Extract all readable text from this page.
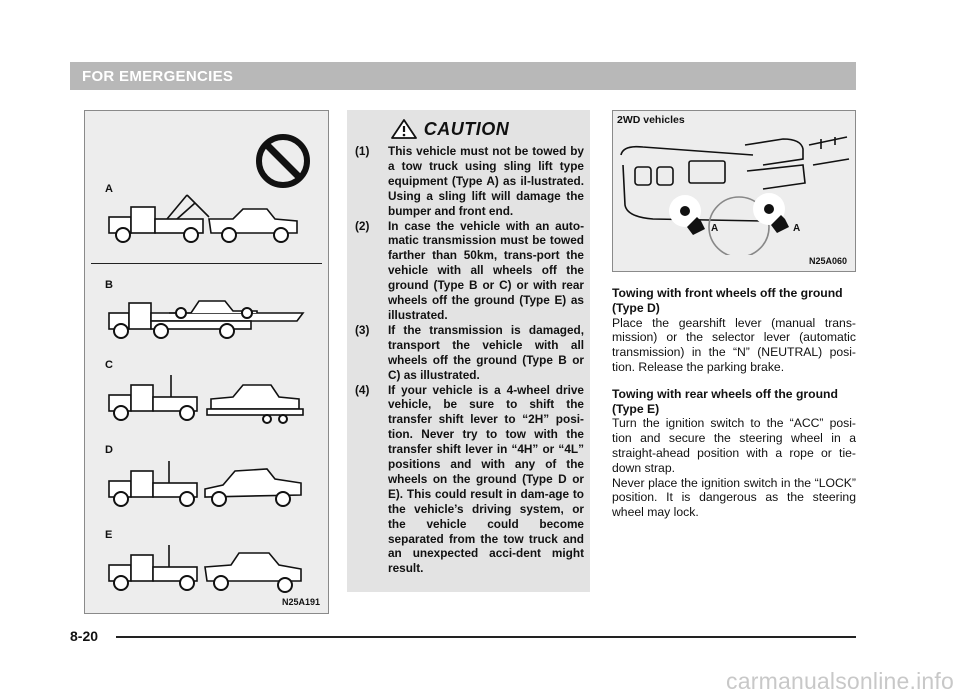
FOR EMERGENCIES
A
B
C
D
E
N25A191
CAUTION
(1) This vehicle must not be towed by a tow truck using sling lift type equipment (Type A) as il-lustrated. Using a sling lift will damage the bumper and front end.
(2) In case the vehicle with an auto-matic transmission must be towed farther than 50km, trans-port the vehicle with all wheels off the ground (Type B or C) or with rear wheels off the ground (Type E) as illustrated.
(3) If the transmission is damaged, transport the vehicle with all wheels off the ground (Type B or C) as illustrated.
(4) If your vehicle is a 4-wheel drive vehicle, be sure to shift the transfer shift lever to “2H” posi-tion. Never try to tow with the transfer shift lever in “4H” or “4L” positions and with any of the wheels on the ground (Type D or E). This could result in dam-age to the vehicle’s driving system, or the vehicle could become separated from the tow truck and an unexpected acci-dent might result.
2WD vehicles
A	A
N25A060

Towing with front wheels off the ground (Type D)

Place the gearshift lever (manual trans-mission) or the selector lever (automatic transmission) in the “N” (NEUTRAL) posi-tion. Release the parking brake.

Towing with rear wheels off the ground (Type E)

Turn the ignition switch to the “ACC” posi-tion and secure the steering wheel in a straight-ahead position with a rope or tie-down strap.

Never place the ignition switch in the “LOCK” position. It is dangerous as the steering wheel may lock.

8-20
carmanualsonline.info
